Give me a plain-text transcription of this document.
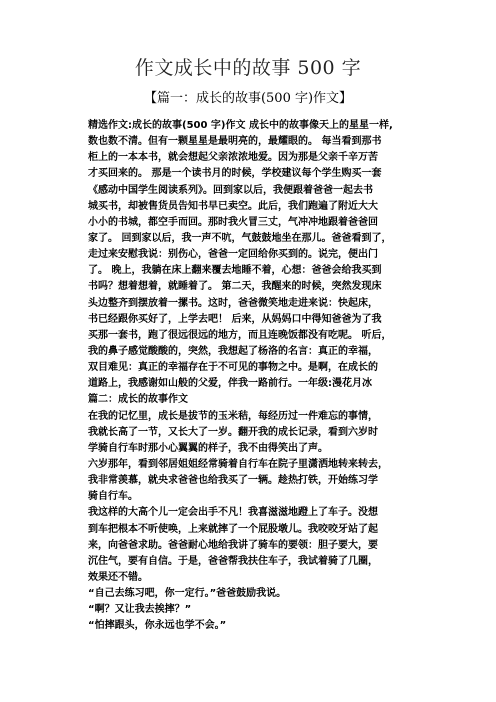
作文成长中的故事 500 字
【篇一：成长的故事(500 字)作文】
精选作文:成长的故事(500 字)作文 成长中的故事像天上的星星一样,
数也数不清。但有一颗星星是最明亮的，最耀眼的。 每当看到那书
柜上的一本本书，就会想起父亲浓浓地爱。因为那是父亲千辛万苦
才买回来的。 那是一个读书月的时候，学校建议每个学生购买一套
《感动中国学生阅读系列》。回到家以后，我便跟着爸爸一起去书
城买书，却被售货员告知书早已卖空。此后，我们跑遍了附近大大
小小的书城，都空手而回。那时我火冒三丈，气冲冲地跟着爸爸回
家了。 回到家以后，我一声不吭，气鼓鼓地坐在那儿。爸爸看到了，
走过来安慰我说：别伤心，爸爸一定回给你买到的。说完，便出门
了。 晚上，我躺在床上翻来覆去地睡不着，心想：爸爸会给我买到
书吗？想着想着，就睡着了。 第二天，我醒来的时候，突然发现床
头边整齐到摆放着一摞书。这时，爸爸微笑地走进来说：快起床，
书已经跟你买好了，上学去吧！ 后来，从妈妈口中得知爸爸为了我
买那一套书，跑了很远很远的地方，而且连晚饭都没有吃呢。 听后，
我的鼻子感觉酸酸的，突然，我想起了杨洛的名言：真正的幸福，
双目难见：真正的幸福存在于不可见的事物之中。是啊，在成长的
道路上，我感谢如山般的父爱，伴我一路前行。一年级:漫花月冰
篇二：成长的故事作文
在我的记忆里，成长是拔节的玉米秸，每经历过一件难忘的事情，
我就长高了一节，又长大了一岁。翻开我的成长记录，看到六岁时
学骑自行车时那小心翼翼的样子，我不由得笑出了声。
六岁那年，看到邻居姐姐经常骑着自行车在院子里潇洒地转来转去，
我非常羡慕，就央求爸爸也给我买了一辆。趁热打铁，开始练习学
骑自行车。
我这样的大高个儿一定会出手不凡！我喜滋滋地蹬上了车子。没想
到车把根本不听使唤，上来就摔了一个屁股墩儿。我咬咬牙站了起
来，向爸爸求助。爸爸耐心地给我讲了骑车的要领：胆子要大，要
沉住气，要有自信。于是，爸爸帮我扶住车子，我试着骑了几圈，
效果还不错。
“自己去练习吧，你一定行。”爸爸鼓励我说。
“啊？又让我去挨摔？”
“怕摔跟头，你永远也学不会。”
